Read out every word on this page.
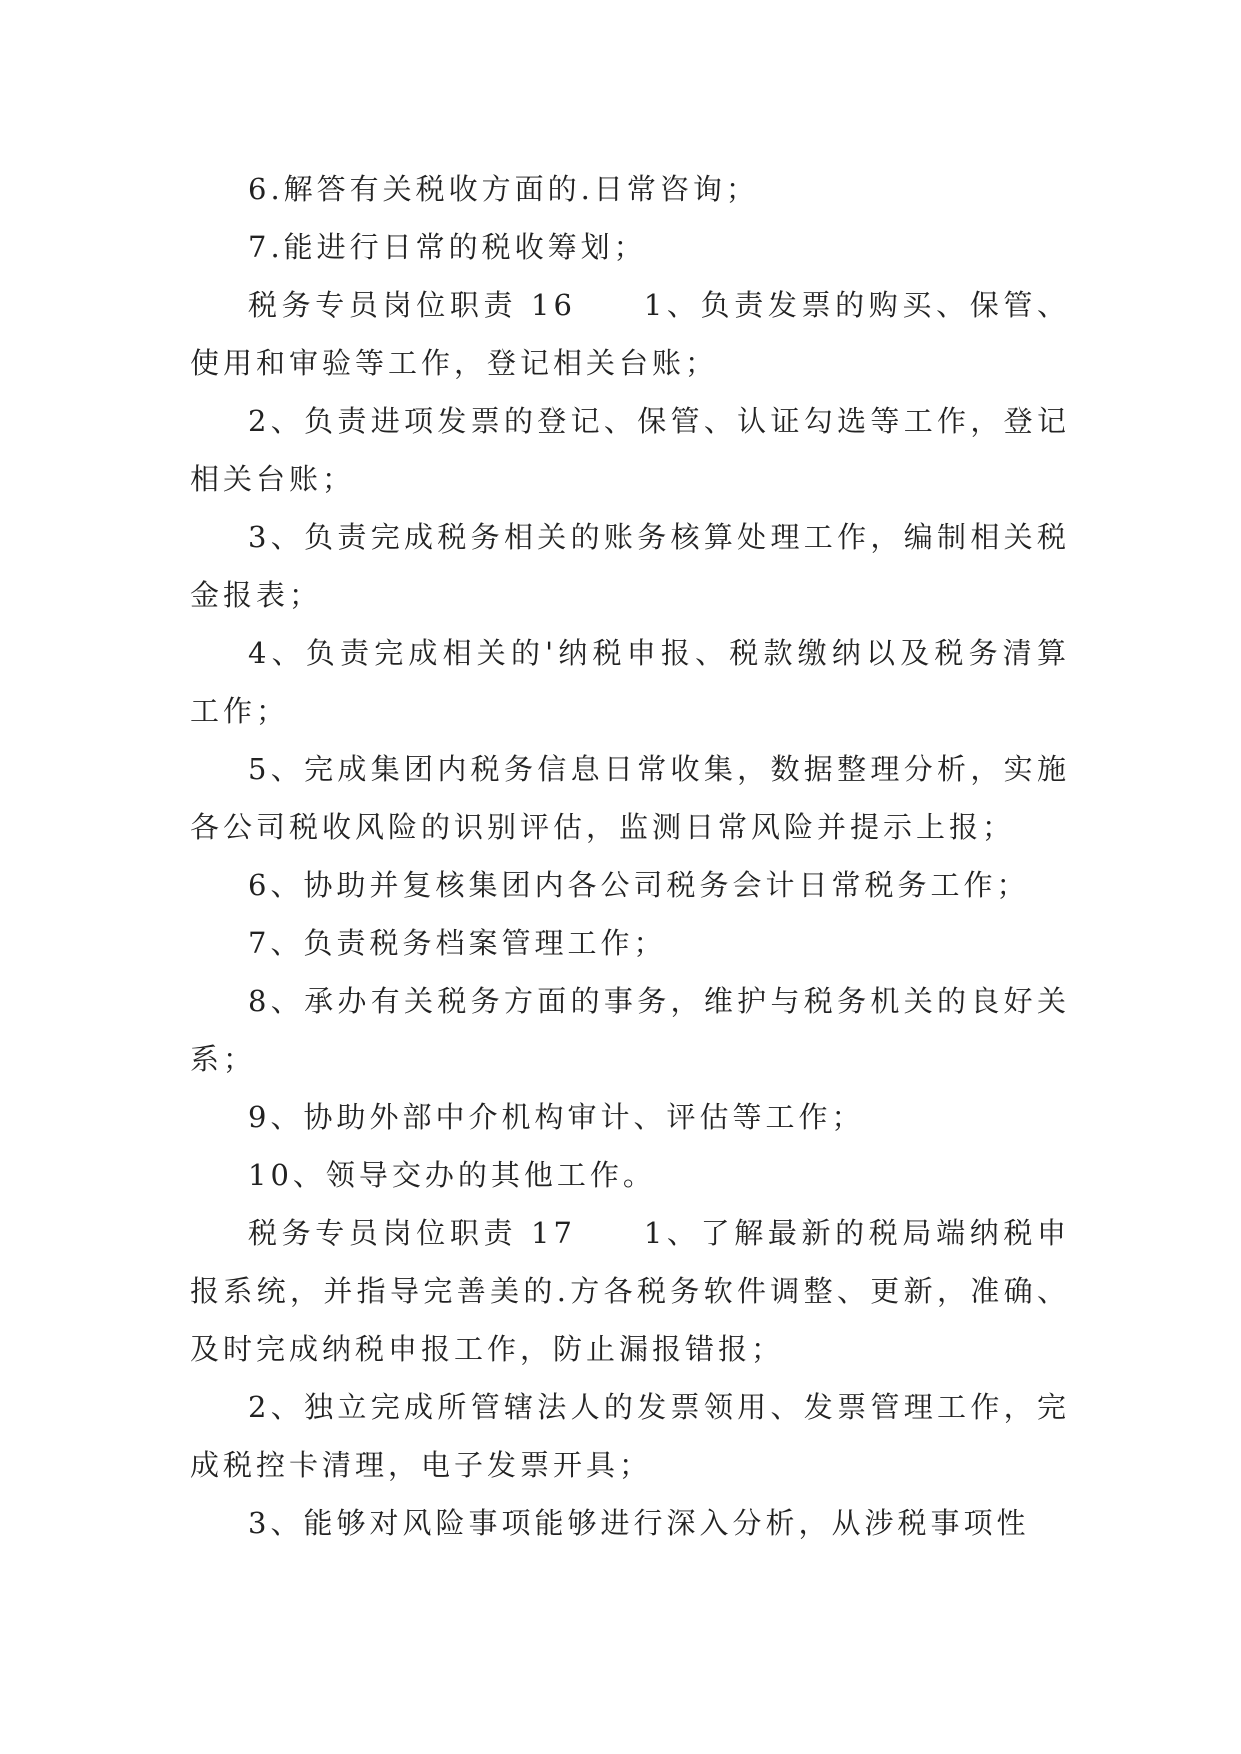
6.解答有关税收方面的.日常咨询；

7.能进行日常的税收筹划；

税务专员岗位职责 16　　1、负责发票的购买、保管、使用和审验等工作，登记相关台账；

2、负责进项发票的登记、保管、认证勾选等工作，登记相关台账；

3、负责完成税务相关的账务核算处理工作，编制相关税金报表；

4、负责完成相关的'纳税申报、税款缴纳以及税务清算工作；

5、完成集团内税务信息日常收集，数据整理分析，实施各公司税收风险的识别评估，监测日常风险并提示上报；

6、协助并复核集团内各公司税务会计日常税务工作；

7、负责税务档案管理工作；

8、承办有关税务方面的事务，维护与税务机关的良好关系；

9、协助外部中介机构审计、评估等工作；

10、领导交办的其他工作。

税务专员岗位职责 17　　1、了解最新的税局端纳税申报系统，并指导完善美的.方各税务软件调整、更新，准确、及时完成纳税申报工作，防止漏报错报；

2、独立完成所管辖法人的发票领用、发票管理工作，完成税控卡清理，电子发票开具；

3、能够对风险事项能够进行深入分析，从涉税事项性
